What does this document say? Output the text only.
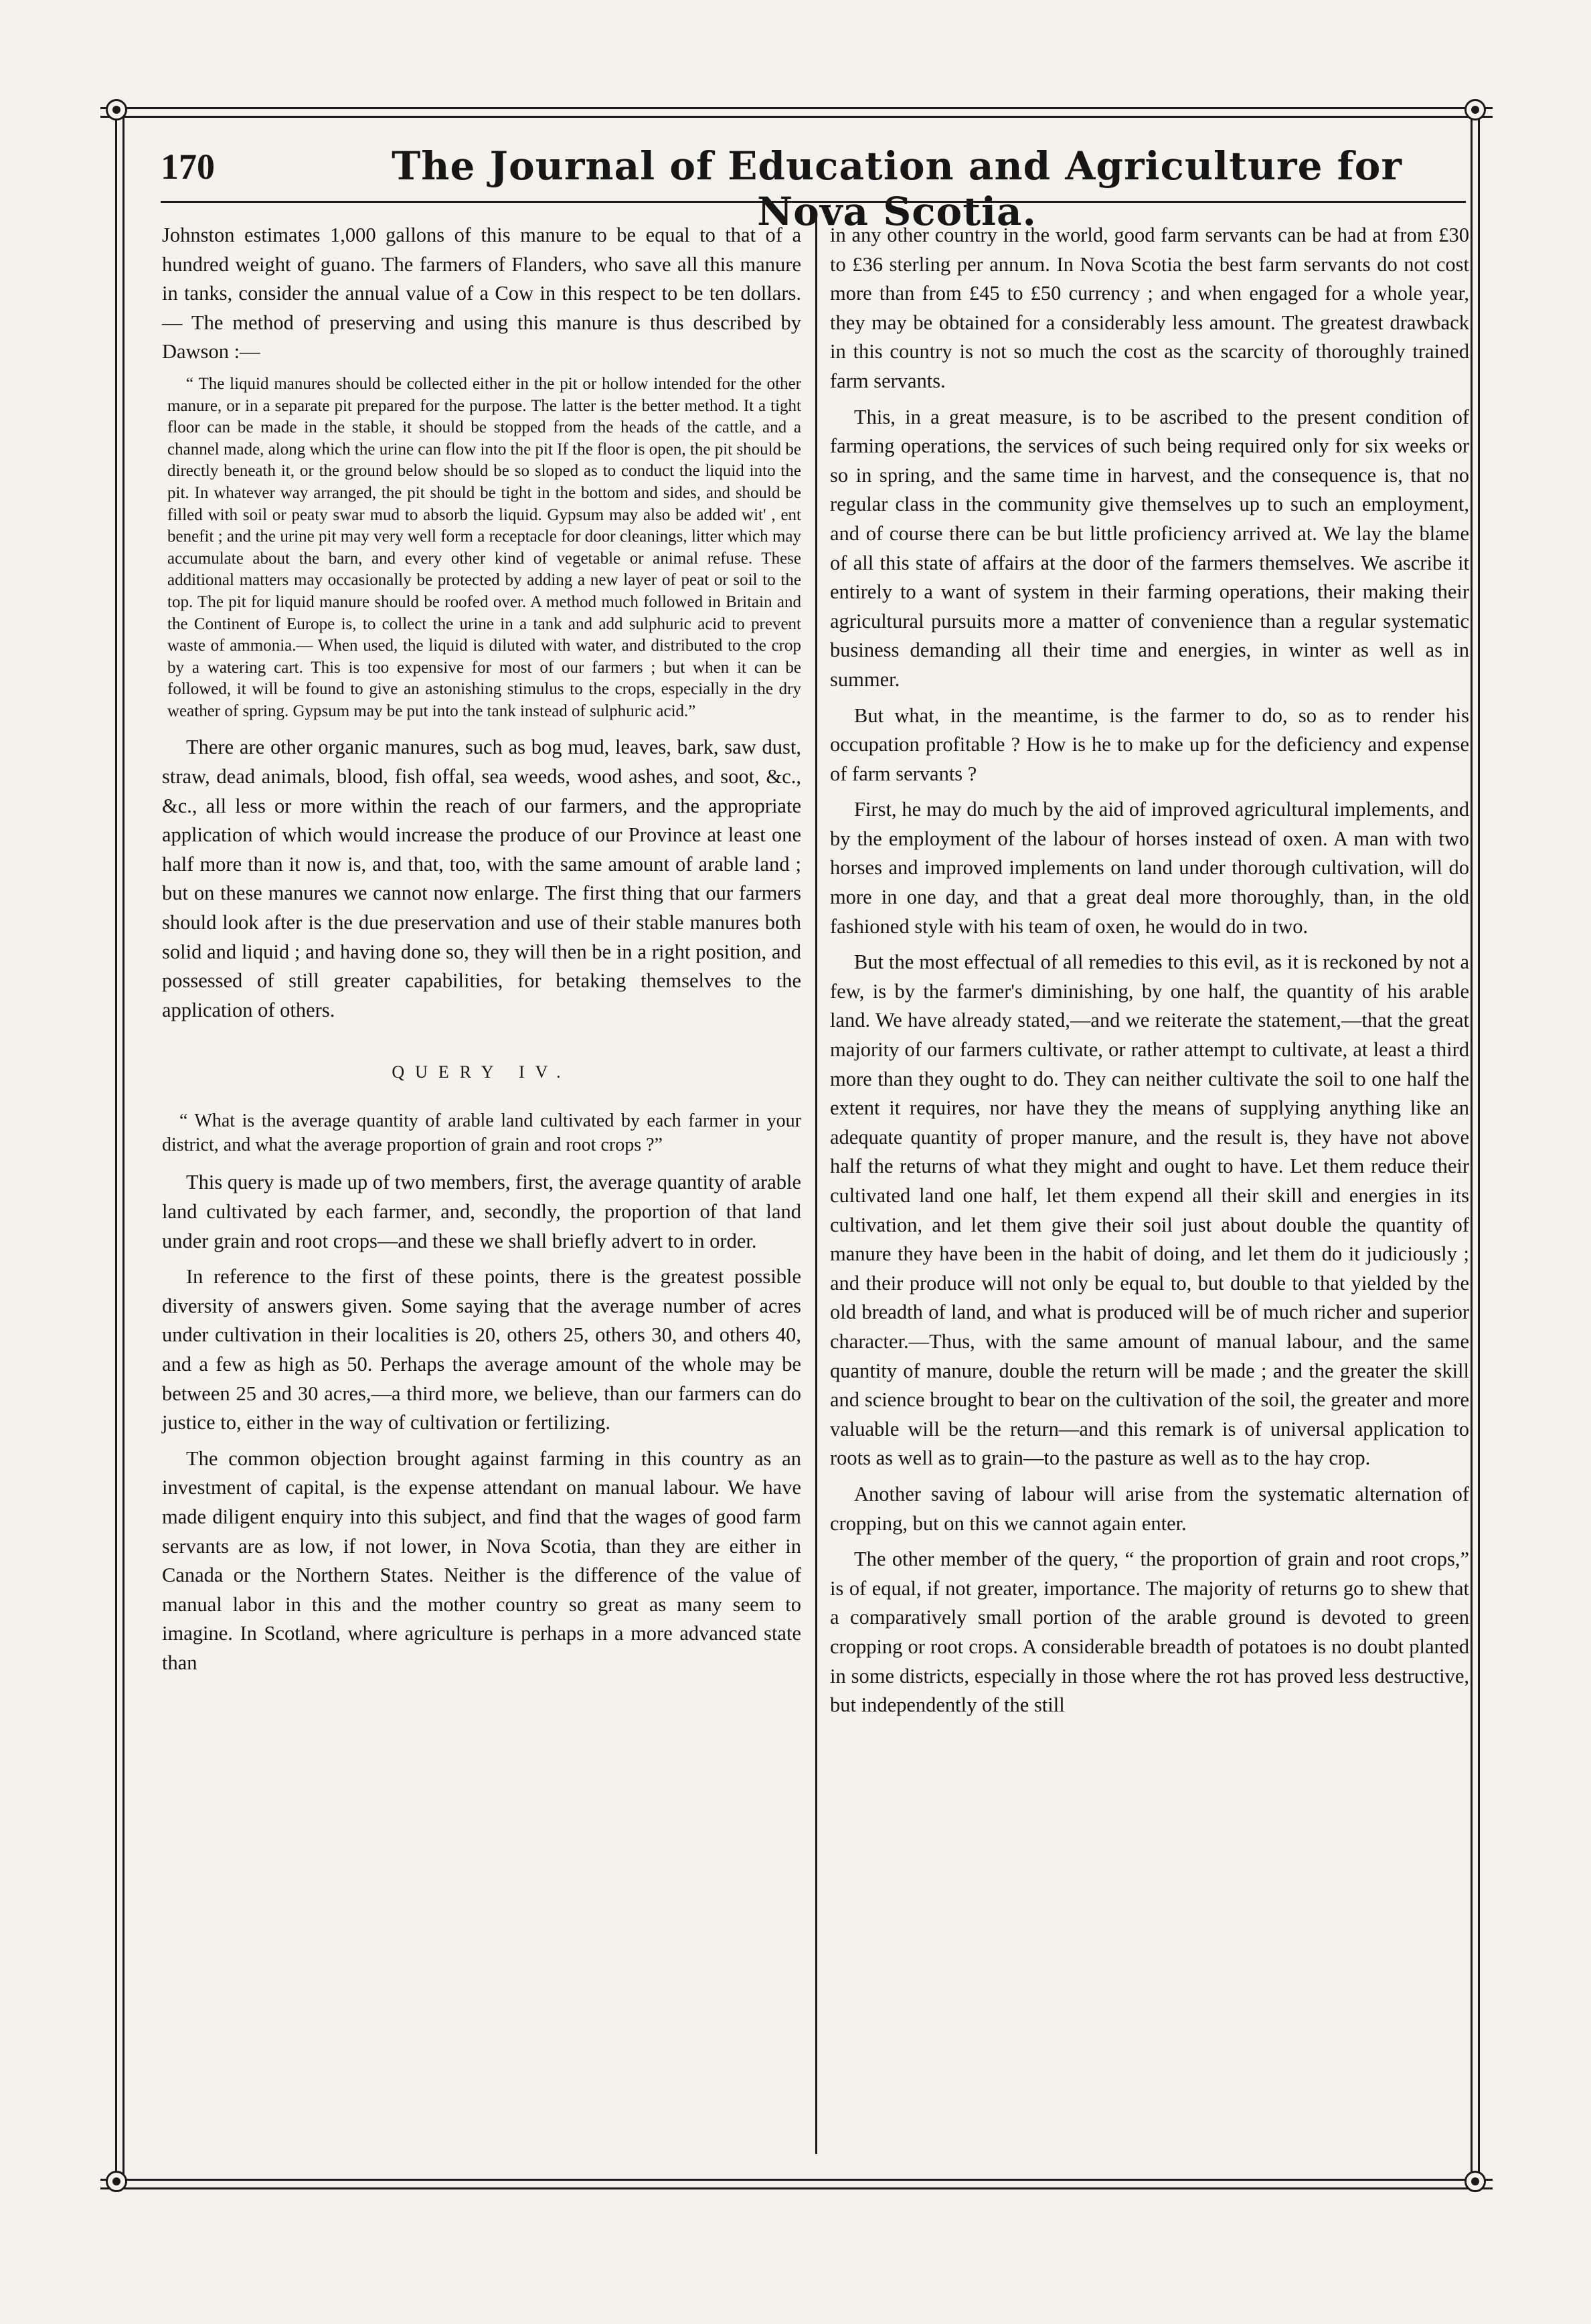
170	The Journal of Education and Agriculture for Nova Scotia.

Johnston estimates 1,000 gallons of this manure to be equal to that of a hundred weight of guano. The farmers of Flanders, who save all this manure in tanks, consider the annual value of a Cow in this respect to be ten dollars.— The method of preserving and using this manure is thus described by Dawson :—

“ The liquid manures should be collected either in the pit or hollow intended for the other manure, or in a separate pit prepared for the purpose. The latter is the better method. It a tight floor can be made in the stable, it should be stopped from the heads of the cattle, and a channel made, along which the urine can flow into the pit If the floor is open, the pit should be directly beneath it, or the ground below should be so sloped as to conduct the liquid into the pit. In whatever way arranged, the pit should be tight in the bottom and sides, and should be filled with soil or peaty swar mud to absorb the liquid. Gypsum may also be added wit' , ent benefit ; and the urine pit may very well form a receptacle for door cleanings, litter which may accumulate about the barn, and every other kind of vegetable or animal refuse. These additional matters may occasionally be protected by adding a new layer of peat or soil to the top. The pit for liquid manure should be roofed over. A method much followed in Britain and the Continent of Europe is, to collect the urine in a tank and add sulphuric acid to prevent waste of ammonia.— When used, the liquid is diluted with water, and distributed to the crop by a watering cart. This is too expensive for most of our farmers ; but when it can be followed, it will be found to give an astonishing stimulus to the crops, especially in the dry weather of spring. Gypsum may be put into the tank instead of sulphuric acid.”

There are other organic manures, such as bog mud, leaves, bark, saw dust, straw, dead animals, blood, fish offal, sea weeds, wood ashes, and soot, &c., &c., all less or more within the reach of our farmers, and the appropriate application of which would increase the produce of our Province at least one half more than it now is, and that, too, with the same amount of arable land ; but on these manures we cannot now enlarge. The first thing that our farmers should look after is the due preservation and use of their stable manures both solid and liquid ; and having done so, they will then be in a right position, and possessed of still greater capabilities, for betaking themselves to the application of others.

QUERY IV.

“ What is the average quantity of arable land cultivated by each farmer in your district, and what the average proportion of grain and root crops ?”

This query is made up of two members, first, the average quantity of arable land cultivated by each farmer, and, secondly, the proportion of that land under grain and root crops—and these we shall briefly advert to in order.

In reference to the first of these points, there is the greatest possible diversity of answers given. Some saying that the average number of acres under cultivation in their localities is 20, others 25, others 30, and others 40, and a few as high as 50. Perhaps the average amount of the whole may be between 25 and 30 acres,—a third more, we believe, than our farmers can do justice to, either in the way of cultivation or fertilizing.

The common objection brought against farming in this country as an investment of capital, is the expense attendant on manual labour. We have made diligent enquiry into this subject, and find that the wages of good farm servants are as low, if not lower, in Nova Scotia, than they are either in Canada or the Northern States. Neither is the difference of the value of manual labor in this and the mother country so great as many seem to imagine. In Scotland, where agriculture is perhaps in a more advanced state than

in any other country in the world, good farm servants can be had at from £30 to £36 sterling per annum. In Nova Scotia the best farm servants do not cost more than from £45 to £50 currency ; and when engaged for a whole year, they may be obtained for a considerably less amount. The greatest drawback in this country is not so much the cost as the scarcity of thoroughly trained farm servants.

This, in a great measure, is to be ascribed to the present condition of farming operations, the services of such being required only for six weeks or so in spring, and the same time in harvest, and the consequence is, that no regular class in the community give themselves up to such an employment, and of course there can be but little proficiency arrived at. We lay the blame of all this state of affairs at the door of the farmers themselves. We ascribe it entirely to a want of system in their farming operations, their making their agricultural pursuits more a matter of convenience than a regular systematic business demanding all their time and energies, in winter as well as in summer.

But what, in the meantime, is the farmer to do, so as to render his occupation profitable ? How is he to make up for the deficiency and expense of farm servants ?

First, he may do much by the aid of improved agricultural implements, and by the employment of the labour of horses instead of oxen. A man with two horses and improved implements on land under thorough cultivation, will do more in one day, and that a great deal more thoroughly, than, in the old fashioned style with his team of oxen, he would do in two.

But the most effectual of all remedies to this evil, as it is reckoned by not a few, is by the farmer's diminishing, by one half, the quantity of his arable land. We have already stated,—and we reiterate the statement,—that the great majority of our farmers cultivate, or rather attempt to cultivate, at least a third more than they ought to do. They can neither cultivate the soil to one half the extent it requires, nor have they the means of supplying anything like an adequate quantity of proper manure, and the result is, they have not above half the returns of what they might and ought to have. Let them reduce their cultivated land one half, let them expend all their skill and energies in its cultivation, and let them give their soil just about double the quantity of manure they have been in the habit of doing, and let them do it judiciously ; and their produce will not only be equal to, but double to that yielded by the old breadth of land, and what is produced will be of much richer and superior character.—Thus, with the same amount of manual labour, and the same quantity of manure, double the return will be made ; and the greater the skill and science brought to bear on the cultivation of the soil, the greater and more valuable will be the return—and this remark is of universal application to roots as well as to grain—to the pasture as well as to the hay crop.

Another saving of labour will arise from the systematic alternation of cropping, but on this we cannot again enter.

The other member of the query, “ the proportion of grain and root crops,” is of equal, if not greater, importance. The majority of returns go to shew that a comparatively small portion of the arable ground is devoted to green cropping or root crops. A considerable breadth of potatoes is no doubt planted in some districts, especially in those where the rot has proved less destructive, but independently of the still
